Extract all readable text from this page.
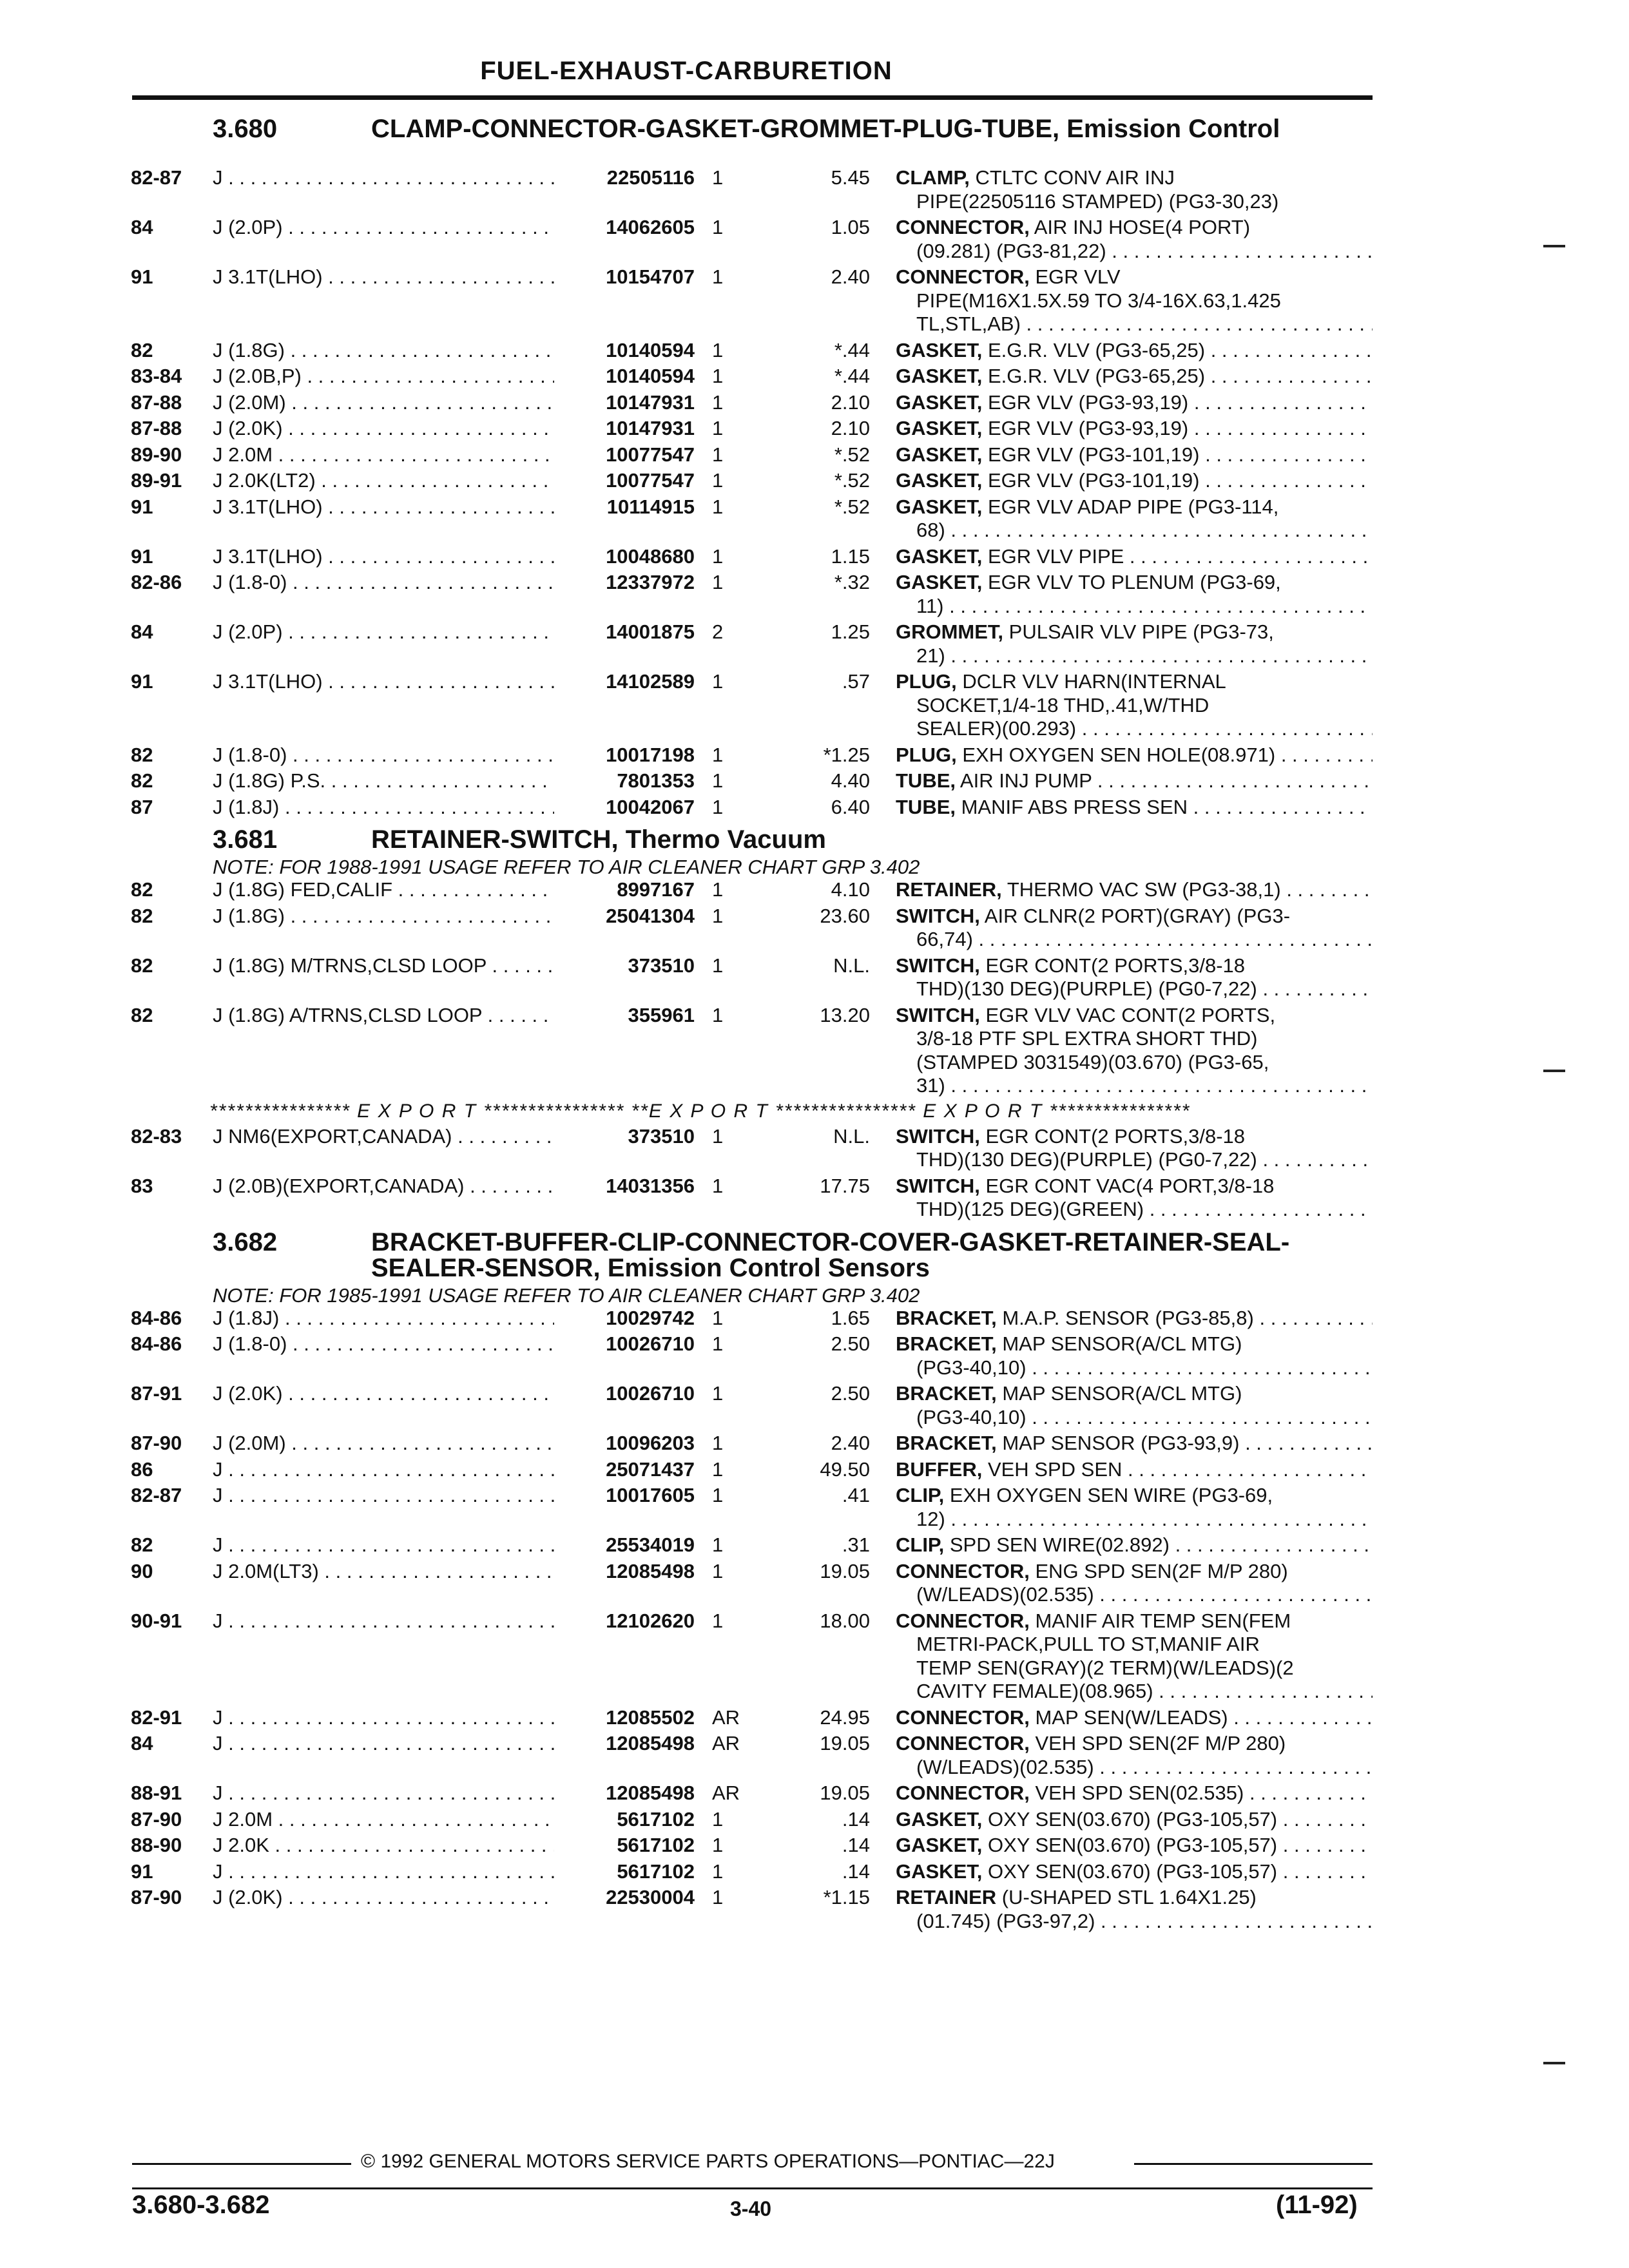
FUEL-EXHAUST-CARBURETION
3.680	CLAMP-CONNECTOR-GASKET-GROMMET-PLUG-TUBE, Emission Control
82-87 J . . .	22505116 1	5.45 CLAMP, CTLTC CONV AIR INJ
PIPE(22505116 STAMPED) (PG3-30,23)
84	J (2.0P) . . .	14062605 1	1.05 CONNECTOR, AIR INJ HOSE(4 PORT)
(09.281) (PG3-81,22) . . .
91	J 3.1T(LHO) . . .	10154707 1	2.40 CONNECTOR, EGR VLV
PIPE(M16X1.5X.59 TO 3/4-16X.63,1.425
TL,STL,AB) . . .
82	J (1.8G) . . .	10140594 1	*.44 GASKET, E.G.R. VLV (PG3-65,25) . . .
83-84 J (2.0B,P) . . .	10140594 1	*.44 GASKET, E.G.R. VLV (PG3-65,25) . . .
87-88 J (2.0M) . . .	10147931 1	2.10 GASKET, EGR VLV (PG3-93,19) . . .
87-88 J (2.0K) . . .	10147931 1	2.10 GASKET, EGR VLV (PG3-93,19) . . .
89-90 J 2.0M . . .	10077547 1	*.52 GASKET, EGR VLV (PG3-101,19) . . .
89-91 J 2.0K(LT2) . . .	10077547 1	*.52 GASKET, EGR VLV (PG3-101,19) . . .
91	J 3.1T(LHO) . . .	10114915 1	*.52 GASKET, EGR VLV ADAP PIPE (PG3-114,
68) . . .
91	J 3.1T(LHO) . . .	10048680 1	1.15 GASKET, EGR VLV PIPE . . .
82-86 J (1.8-0) . . .	12337972 1	*.32 GASKET, EGR VLV TO PLENUM (PG3-69,
11) . . .
84	J (2.0P) . . .	14001875 2	1.25 GROMMET, PULSAIR VLV PIPE (PG3-73,
21) . . .
91	J 3.1T(LHO) . . .	14102589 1	.57 PLUG, DCLR VLV HARN(INTERNAL
SOCKET,1/4-18 THD,.41,W/THD
SEALER)(00.293) . . .
82	J (1.8-0) . . .	10017198 1	*1.25 PLUG, EXH OXYGEN SEN HOLE(08.971) . . .
82	J (1.8G) P.S. . . .	7801353 1	4.40 TUBE, AIR INJ PUMP . . .
87	J (1.8J) . . .	10042067 1	6.40 TUBE, MANIF ABS PRESS SEN . . .
3.681	RETAINER-SWITCH, Thermo Vacuum
NOTE: FOR 1988-1991 USAGE REFER TO AIR CLEANER CHART GRP 3.402
82	J (1.8G) FED,CALIF . . .	8997167 1	4.10 RETAINER, THERMO VAC SW (PG3-38,1) . . .
82	J (1.8G) . . .	25041304 1	23.60 SWITCH, AIR CLNR(2 PORT)(GRAY) (PG3-
66,74) . . .
82	J (1.8G) M/TRNS,CLSD LOOP . . .	373510 1	N.L. SWITCH, EGR CONT(2 PORTS,3/8-18
THD)(130 DEG)(PURPLE) (PG0-7,22) . . .
82	J (1.8G) A/TRNS,CLSD LOOP . . .	355961 1	13.20 SWITCH, EGR VLV VAC CONT(2 PORTS,
3/8-18 PTF SPL EXTRA SHORT THD)
(STAMPED 3031549)(03.670) (PG3-65,
31) . . .
**************** E X P O R T **************** **E X P O R T **************** E X P O R T ****************
82-83 J NM6(EXPORT,CANADA) . . .	373510 1	N.L. SWITCH, EGR CONT(2 PORTS,3/8-18
THD)(130 DEG)(PURPLE) (PG0-7,22) . . .
83	J (2.0B)(EXPORT,CANADA) . . .	14031356 1	17.75 SWITCH, EGR CONT VAC(4 PORT,3/8-18
THD)(125 DEG)(GREEN) . . .
3.682	BRACKET-BUFFER-CLIP-CONNECTOR-COVER-GASKET-RETAINER-SEAL-SEALER-SENSOR, Emission Control Sensors
NOTE: FOR 1985-1991 USAGE REFER TO AIR CLEANER CHART GRP 3.402
84-86 J (1.8J) . . .	10029742 1	1.65 BRACKET, M.A.P. SENSOR (PG3-85,8) . . .
84-86 J (1.8-0) . . .	10026710 1	2.50 BRACKET, MAP SENSOR(A/CL MTG)
(PG3-40,10) . . .
87-91 J (2.0K) . . .	10026710 1	2.50 BRACKET, MAP SENSOR(A/CL MTG)
(PG3-40,10) . . .
87-90 J (2.0M) . . .	10096203 1	2.40 BRACKET, MAP SENSOR (PG3-93,9) . . .
86	J . . .	25071437 1	49.50 BUFFER, VEH SPD SEN . . .
82-87 J . . .	10017605 1	.41 CLIP, EXH OXYGEN SEN WIRE (PG3-69,
12) . . .
82	J . . .	25534019 1	.31 CLIP, SPD SEN WIRE(02.892) . . .
90	J 2.0M(LT3) . . .	12085498 1	19.05 CONNECTOR, ENG SPD SEN(2F M/P 280)
(W/LEADS)(02.535) . . .
90-91 J . . .	12102620 1	18.00 CONNECTOR, MANIF AIR TEMP SEN(FEM
METRI-PACK,PULL TO ST,MANIF AIR
TEMP SEN(GRAY)(2 TERM)(W/LEADS)(2
CAVITY FEMALE)(08.965) . . .
82-91 J . . .	12085502 AR	24.95 CONNECTOR, MAP SEN(W/LEADS) . . .
84	J . . .	12085498 AR	19.05 CONNECTOR, VEH SPD SEN(2F M/P 280)
(W/LEADS)(02.535) . . .
88-91 J . . .	12085498 AR	19.05 CONNECTOR, VEH SPD SEN(02.535) . . .
87-90 J 2.0M . . .	5617102 1	.14 GASKET, OXY SEN(03.670) (PG3-105,57) . . .
88-90 J 2.0K . . .	5617102 1	.14 GASKET, OXY SEN(03.670) (PG3-105,57) . . .
91	J . . .	5617102 1	.14 GASKET, OXY SEN(03.670) (PG3-105,57) . . .
87-90 J (2.0K) . . .	22530004 1	*1.15 RETAINER (U-SHAPED STL 1.64X1.25)
(01.745) (PG3-97,2) . . .
© 1992 GENERAL MOTORS SERVICE PARTS OPERATIONS—PONTIAC—22J
3.680-3.682	3-40	(11-92)
